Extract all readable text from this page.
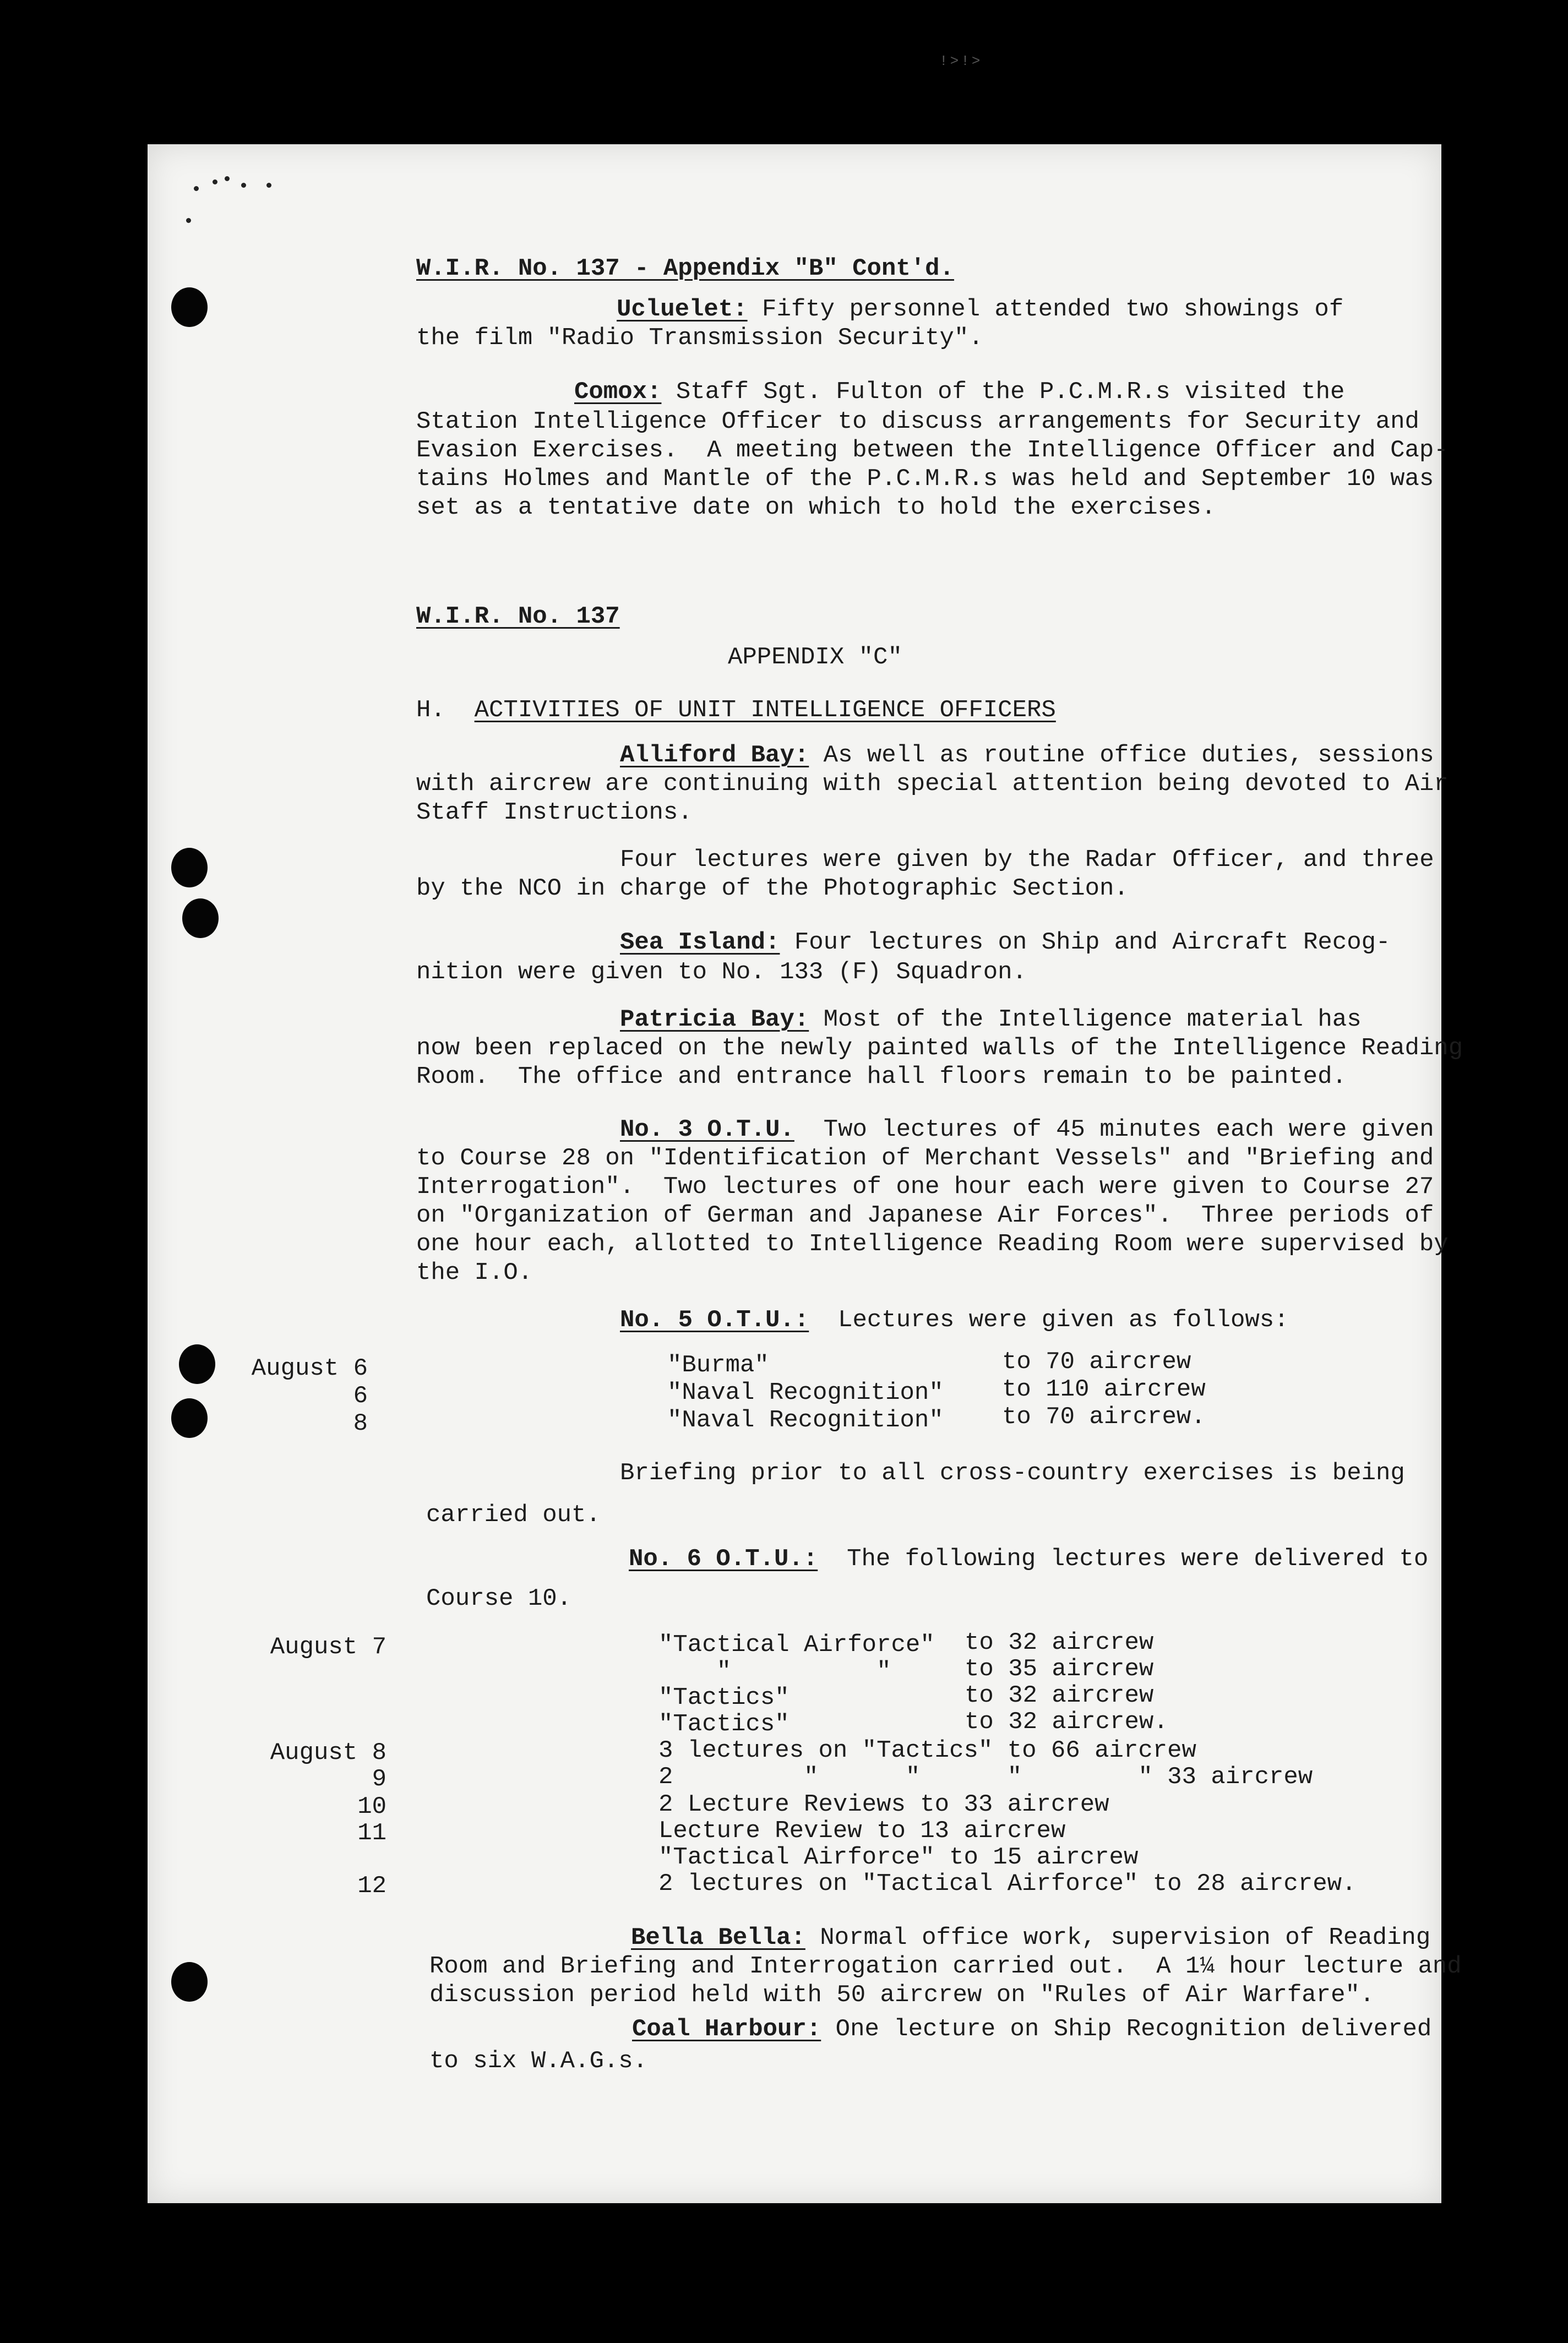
!>!>
W.I.R. No. 137 - Appendix "B" Cont'd.
Ucluelet: Fifty personnel attended two showings of
the film "Radio Transmission Security".
Comox: Staff Sgt. Fulton of the P.C.M.R.s visited the
Station Intelligence Officer to discuss arrangements for Security and
Evasion Exercises.  A meeting between the Intelligence Officer and Cap-
tains Holmes and Mantle of the P.C.M.R.s was held and September 10 was
set as a tentative date on which to hold the exercises.
W.I.R. No. 137
APPENDIX "C"
H. ACTIVITIES OF UNIT INTELLIGENCE OFFICERS
Alliford Bay: As well as routine office duties, sessions
with aircrew are continuing with special attention being devoted to Air
Staff Instructions.
Four lectures were given by the Radar Officer, and three
by the NCO in charge of the Photographic Section.
Sea Island: Four lectures on Ship and Aircraft Recog-
nition were given to No. 133 (F) Squadron.
Patricia Bay: Most of the Intelligence material has
now been replaced on the newly painted walls of the Intelligence Reading
Room.  The office and entrance hall floors remain to be painted.
No. 3 O.T.U.  Two lectures of 45 minutes each were given
to Course 28 on "Identification of Merchant Vessels" and "Briefing and
Interrogation".  Two lectures of one hour each were given to Course 27
on "Organization of German and Japanese Air Forces".  Three periods of
one hour each, allotted to Intelligence Reading Room were supervised by
the I.O.
No. 5 O.T.U.:  Lectures were given as follows:
August 6	"Burma"	to 70 aircrew
6	"Naval Recognition" to 110 aircrew
8	"Naval Recognition" to 70 aircrew.
Briefing prior to all cross-country exercises is being
carried out.
No. 6 O.T.U.:  The following lectures were delivered to
Course 10.
August 7	"Tactical Airforce" to 32 aircrew
"          "	to 35 aircrew
"Tactics"	to 32 aircrew
"Tactics"	to 32 aircrew.
August 8	3 lectures on "Tactics" to 66 aircrew
9	2         "      "      "        " 33 aircrew
10	2 Lecture Reviews to 33 aircrew
11	Lecture Review to 13 aircrew
"Tactical Airforce" to 15 aircrew
12	2 lectures on "Tactical Airforce" to 28 aircrew.
Bella Bella: Normal office work, supervision of Reading
Room and Briefing and Interrogation carried out.  A 1¼ hour lecture and
discussion period held with 50 aircrew on "Rules of Air Warfare".
Coal Harbour: One lecture on Ship Recognition delivered
to six W.A.G.s.
